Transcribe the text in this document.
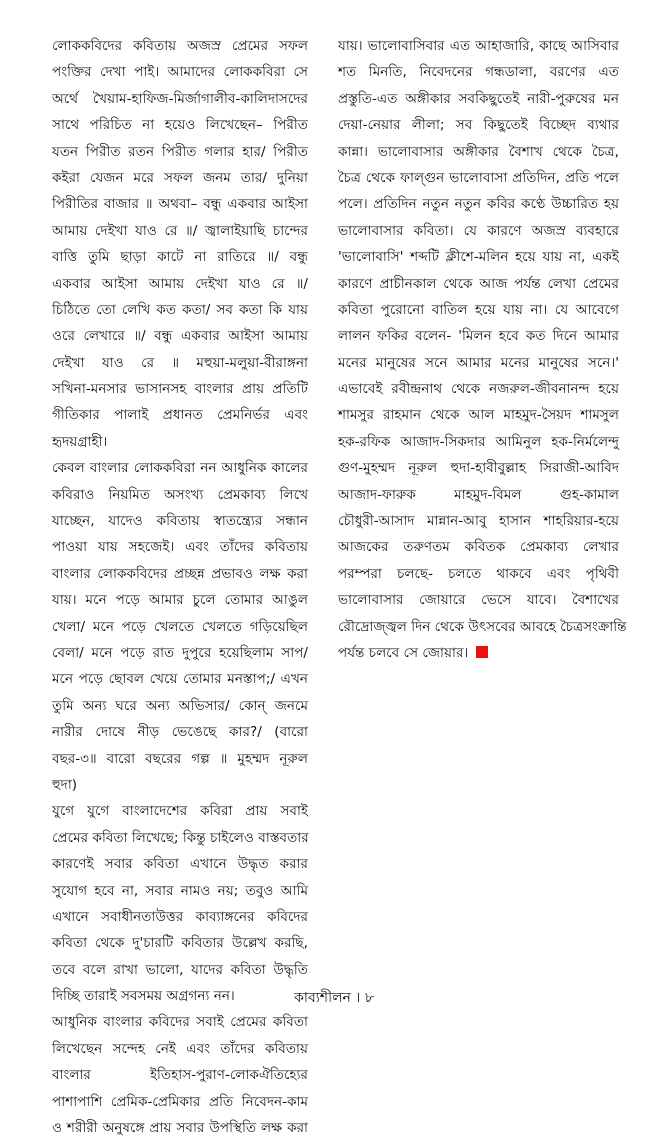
লোককবিদের কবিতায় অজস্র প্রেমের সফল
পংক্তির দেখা পাই। আমাদের লোককবিরা সে
অর্থে খৈয়াম-হাফিজ-মির্জাগালীব-কালিদাসদের
সাথে পরিচিত না হয়েও লিখেছেন– পিরীত
যতন পিরীত রতন পিরীত গলার হার/ পিরীত
কইরা যেজন মরে সফল জনম তার/ দুনিয়া
পিরীতির বাজার ॥ অথবা– বন্ধু একবার আইসা
আমায় দেইখা যাও রে ॥/ জ্বালাইয়াছি চান্দের
বাত্তি তুমি ছাড়া কাটে না রাতিরে ॥/ বন্ধু
একবার আইসা আমায় দেইখা যাও রে ॥/
চিঠিতে তো লেখি কত কতা/ সব কতা কি যায়
ওরে লেখারে ॥/ বন্ধু একবার আইসা আমায়
দেইখা যাও রে ॥ মহুয়া-মলুয়া-বীরাঙ্গনা
সখিনা-মনসার ভাসানসহ বাংলার প্রায় প্রতিটি
গীতিকার পালাই প্রধানত প্রেমনির্ভর এবং
হৃদয়গ্রাহী।
কেবল বাংলার লোককবিরা নন আধুনিক কালের
কবিরাও নিয়মিত অসংখ্য প্রেমকাব্য লিখে
যাচ্ছেন, যাদেও কবিতায় স্বাতন্ত্র্যের সন্ধান
পাওয়া যায় সহজেই। এবং তাঁদের কবিতায়
বাংলার লোককবিদের প্রচ্ছন্ন প্রভাবও লক্ষ করা
যায়। মনে পড়ে আমার চুলে তোমার আঙুল
খেলা/ মনে পড়ে খেলতে খেলতে গড়িয়েছিল
বেলা/ মনে পড়ে রাত দুপুরে হয়েছিলাম সাপ/
মনে পড়ে ছোবল খেয়ে তোমার মনস্তাপ;/ এখন
তুমি অন্য ঘরে অন্য অভিসার/ কোন্ জনমে
নারীর দোষে নীড় ভেঙেছে কার?/ (বারো
বছর-৩॥ বারো বছরের গল্প ॥ মুহম্মদ নূরুল
হুদা)
যুগে যুগে বাংলাদেশের কবিরা প্রায় সবাই
প্রেমের কবিতা লিখেছে; কিন্তু চাইলেও বাস্তবতার
কারণেই সবার কবিতা এখানে উদ্ধৃত করার
সুযোগ হবে না, সবার নামও নয়; তবুও আমি
এখানে সবাধীনতাউত্তর কাব্যাঙ্গনের কবিদের
কবিতা থেকে দু'চারটি কবিতার উল্লেখ করছি,
তবে বলে রাখা ভালো, যাদের কবিতা উদ্ধৃতি
দিচ্ছি তারাই সবসময় অগ্রগন্য নন।
আধুনিক বাংলার কবিদের সবাই প্রেমের কবিতা
লিখেছেন সন্দেহ নেই এবং তাঁদের কবিতায়
বাংলার ইতিহাস-পুরাণ-লোকঐতিহ্যের
পাশাপাশি প্রেমিক-প্রেমিকার প্রতি নিবেদন-কাম
ও শরীরী অনুষঙ্গে প্রায় সবার উপস্থিতি লক্ষ করা
যায়। ভালোবাসিবার এত আহাজারি, কাছে আসিবার
শত মিনতি, নিবেদনের গন্ধডালা, বরণের এত
প্রস্তুতি-এত অঙ্গীকার সবকিছুতেই নারী-পুরুষের মন
দেয়া-নেয়ার লীলা; সব কিছুতেই বিচ্ছেদ ব্যথার
কান্না। ভালোবাসার অঙ্গীকার বৈশাখ থেকে চৈত্র,
চৈত্র থেকে ফাল্গুন ভালোবাসা প্রতিদিন, প্রতি পলে
পলে। প্রতিদিন নতুন নতুন কবির কণ্ঠে উচ্চারিত হয়
ভালোবাসার কবিতা। যে কারণে অজস্র ব্যবহারে
'ভালোবাসি' শব্দটি ক্লীশে-মলিন হয়ে যায় না, একই
কারণে প্রাচীনকাল থেকে আজ পর্যন্ত লেখা প্রেমের
কবিতা পুরোনো বাতিল হয়ে যায় না। যে আবেগে
লালন ফকির বলেন- 'মিলন হবে কত দিনে আমার
মনের মানুষের সনে আমার মনের মানুষের সনে।'
এভাবেই রবীন্দ্রনাথ থেকে নজরুল-জীবনানন্দ হয়ে
শামসুর রাহমান থেকে আল মাহমুদ-সৈয়দ শামসুল
হক-রফিক আজাদ-সিকদার আমিনুল হক-নির্মলেন্দু
গুণ-মুহম্মদ নূরুল হুদা-হাবীবুল্লাহ সিরাজী-আবিদ
আজাদ-ফারুক মাহমুদ-বিমল গুহ-কামাল
চৌধুরী-আসাদ মান্নান-আবু হাসান শাহরিয়ার-হয়ে
আজকের তরুণতম কবিতক প্রেমকাব্য লেখার
পরম্পরা চলছে- চলতে থাকবে এবং পৃথিবী
ভালোবাসার জোয়ারে ভেসে যাবে। বৈশাখের
রৌদ্রোজ্জ্বল দিন থেকে উৎসবের আবহে চৈত্রসংক্রান্তি
পর্যন্ত চলবে সে জোয়ার।
কাব্যশীলন । ৮
